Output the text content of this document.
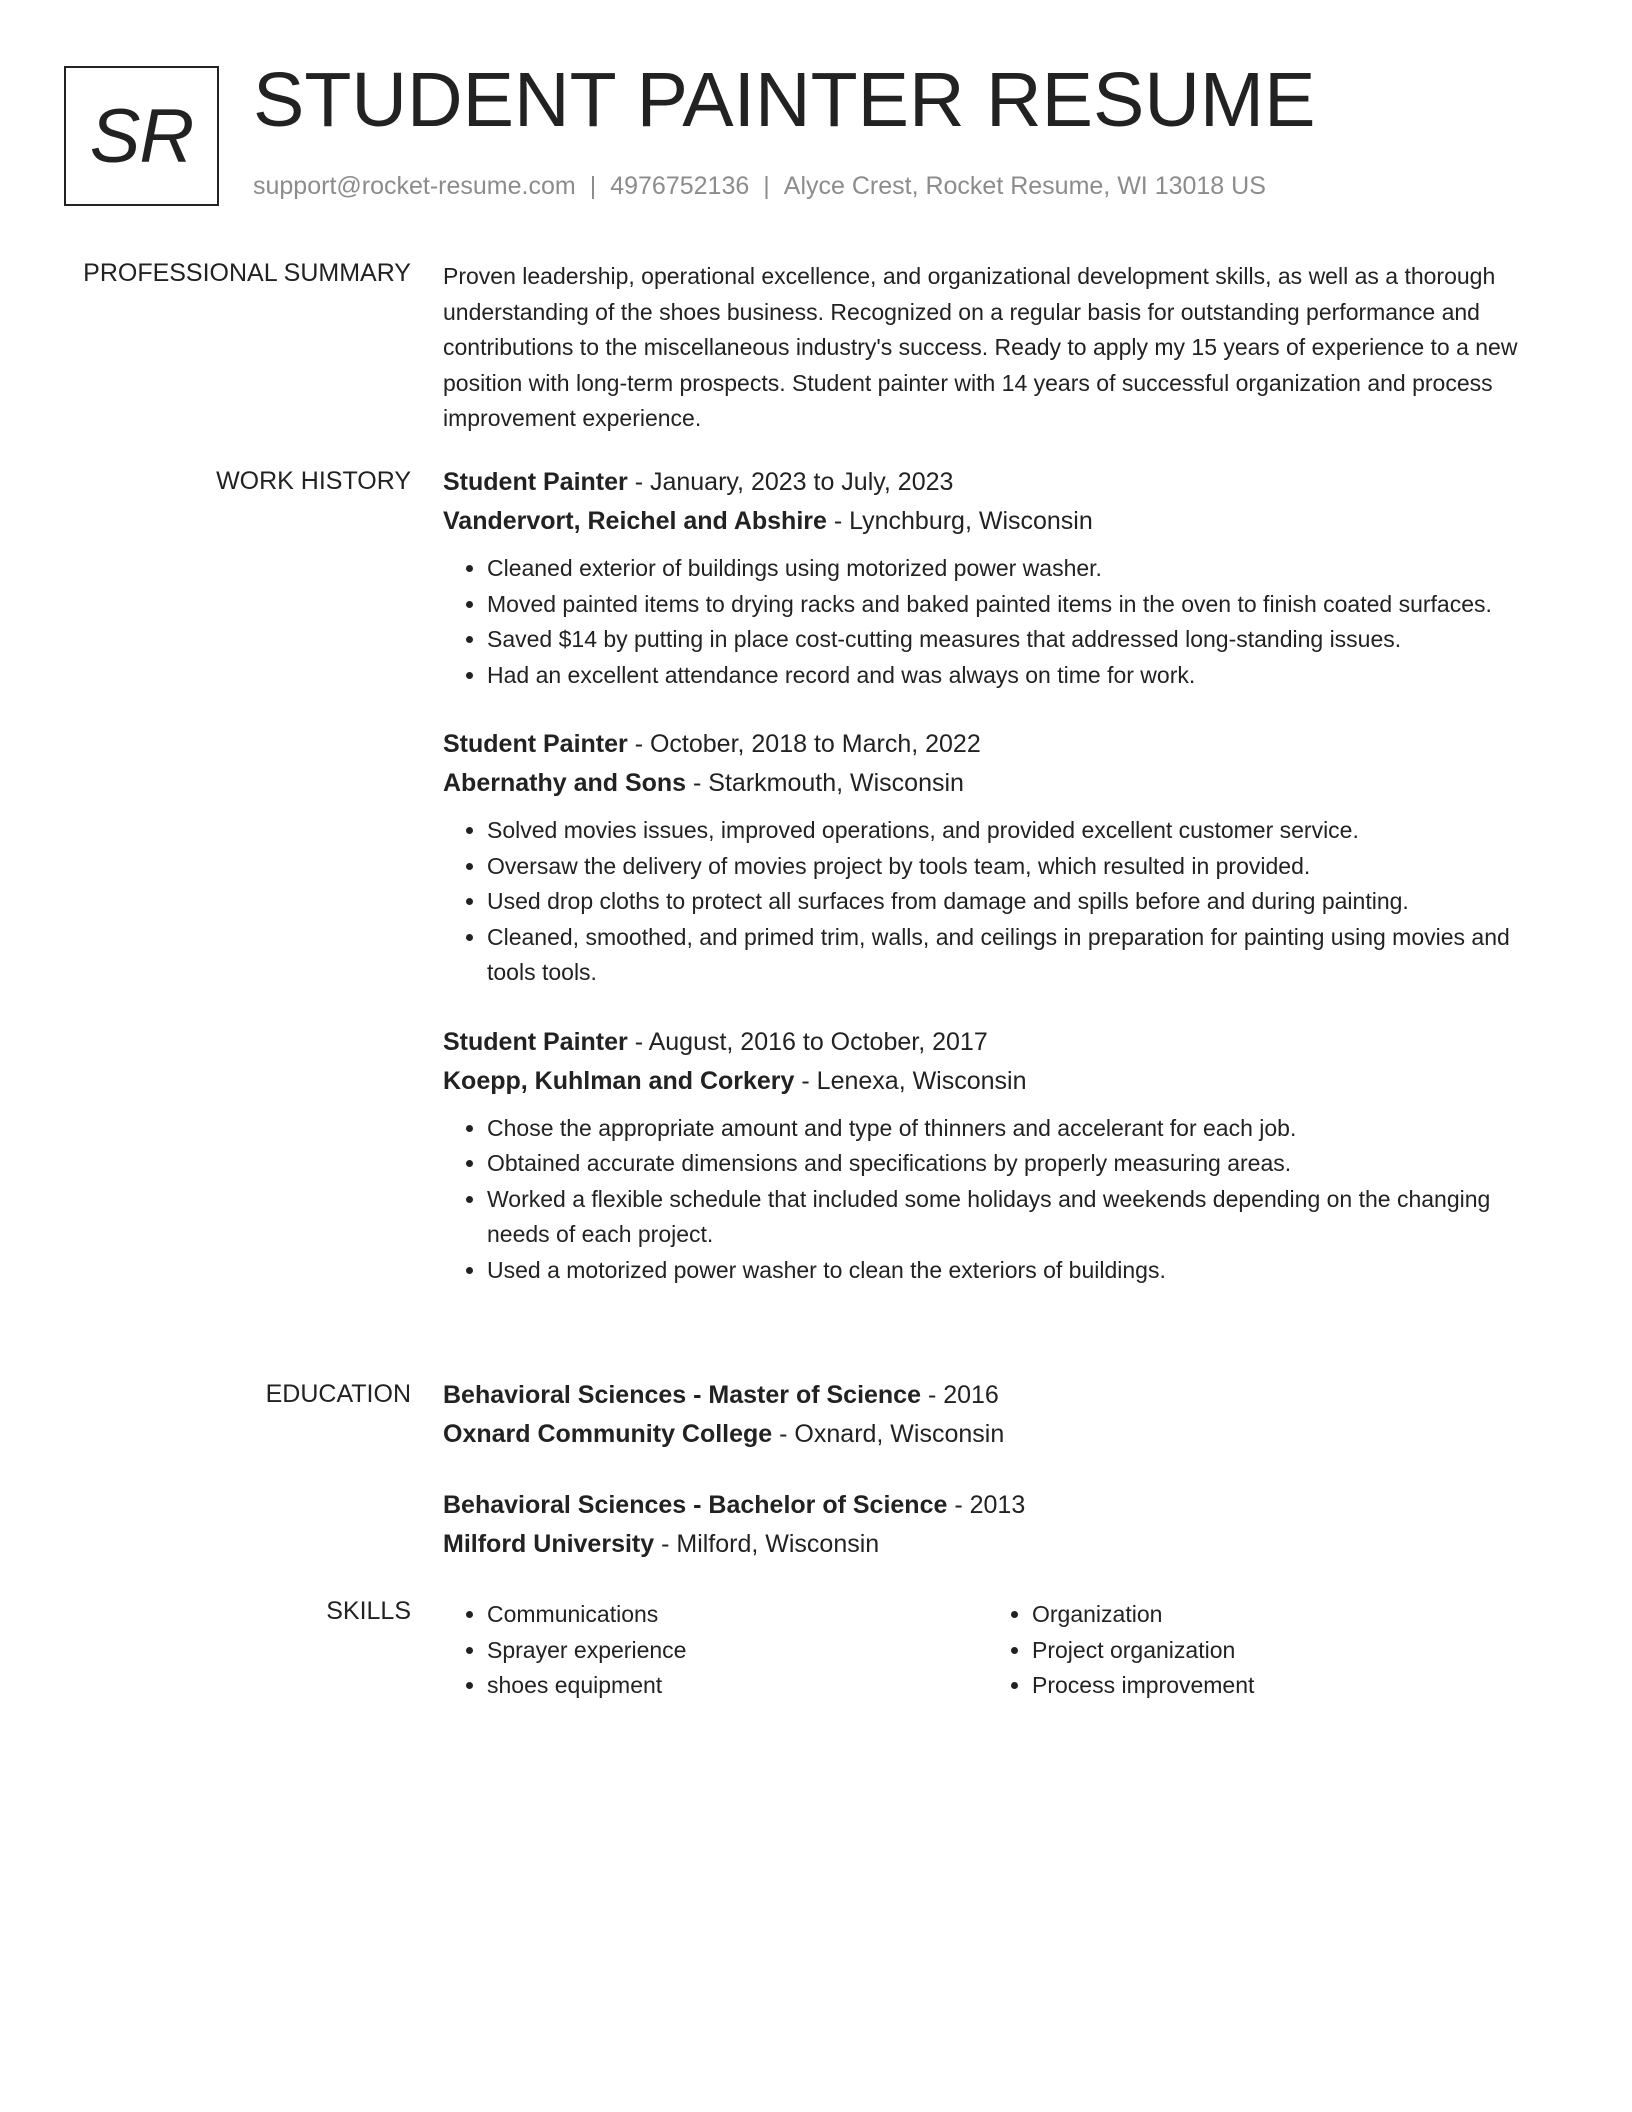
SR STUDENT PAINTER RESUME
support@rocket-resume.com | 4976752136 | Alyce Crest, Rocket Resume, WI 13018 US
PROFESSIONAL SUMMARY Proven leadership, operational excellence, and organizational development skills, as well as a thorough understanding of the shoes business. Recognized on a regular basis for outstanding performance and contributions to the miscellaneous industry's success. Ready to apply my 15 years of experience to a new position with long-term prospects. Student painter with 14 years of successful organization and process improvement experience.
WORK HISTORY Student Painter - January, 2023 to July, 2023
Vandervort, Reichel and Abshire - Lynchburg, Wisconsin
• Cleaned exterior of buildings using motorized power washer.
• Moved painted items to drying racks and baked painted items in the oven to finish coated surfaces.
• Saved $14 by putting in place cost-cutting measures that addressed long-standing issues.
• Had an excellent attendance record and was always on time for work.
Student Painter - October, 2018 to March, 2022
Abernathy and Sons - Starkmouth, Wisconsin
• Solved movies issues, improved operations, and provided excellent customer service.
• Oversaw the delivery of movies project by tools team, which resulted in provided.
• Used drop cloths to protect all surfaces from damage and spills before and during painting.
• Cleaned, smoothed, and primed trim, walls, and ceilings in preparation for painting using movies and tools tools.
Student Painter - August, 2016 to October, 2017
Koepp, Kuhlman and Corkery - Lenexa, Wisconsin
• Chose the appropriate amount and type of thinners and accelerant for each job.
• Obtained accurate dimensions and specifications by properly measuring areas.
• Worked a flexible schedule that included some holidays and weekends depending on the changing needs of each project.
• Used a motorized power washer to clean the exteriors of buildings.
EDUCATION Behavioral Sciences - Master of Science - 2016
Oxnard Community College - Oxnard, Wisconsin
Behavioral Sciences - Bachelor of Science - 2013
Milford University - Milford, Wisconsin
SKILLS
•	Communications
• Sprayer experience
• shoes equipment
• Organization
• Project organization
• Process improvement
